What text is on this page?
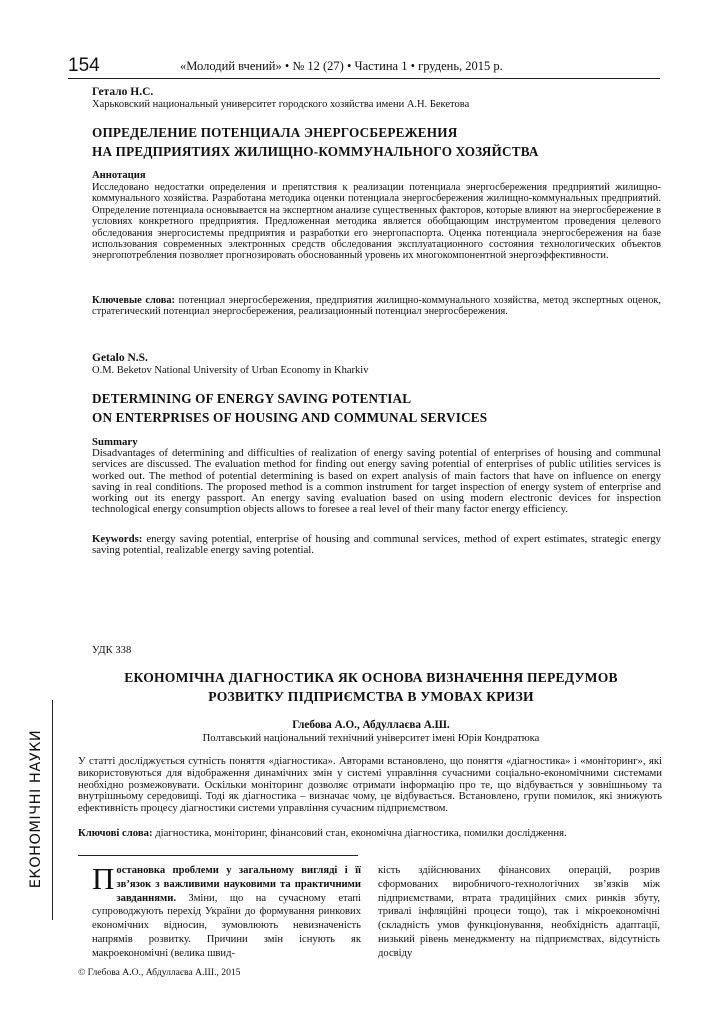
154	«Молодий вчений» • № 12 (27) • Частина 1 • грудень, 2015 р.
Гетало Н.С.
Харьковский национальный университет городского хозяйства имени А.Н. Бекетова
ОПРЕДЕЛЕНИЕ ПОТЕНЦИАЛА ЭНЕРГОСБЕРЕЖЕНИЯ
НА ПРЕДПРИЯТИЯХ ЖИЛИЩНО-КОММУНАЛЬНОГО ХОЗЯЙСТВА
Аннотация
Исследовано недостатки определения и препятствия к реализации потенциала энергосбережения предприятий жилищно-коммунального хозяйства. Разработана методика оценки потенциала энергосбережения жилищно-коммунальных предприятий. Определение потенциала основывается на экспертном анализе существенных факторов, которые влияют на энергосбережение в условиях конкретного предприятия. Предложенная методика является обобщающим инструментом проведения целевого обследования энергосистемы предприятия и разработки его энергопаспорта. Оценка потенциала энергосбережения на базе использования современных электронных средств обследования эксплуатационного состояния технологических объектов энергопотребления позволяет прогнозировать обоснованный уровень их многокомпонентной энергоэффективности.
Ключевые слова: потенциал энергосбережения, предприятия жилищно-коммунального хозяйства, метод экспертных оценок, стратегический потенциал энергосбережения, реализационный потенциал энергосбережения.
Getalo N.S.
O.M. Beketov National University of Urban Economy in Kharkiv
DETERMINING OF ENERGY SAVING POTENTIAL
ON ENTERPRISES OF HOUSING AND COMMUNAL SERVICES
Summary
Disadvantages of determining and difficulties of realization of energy saving potential of enterprises of housing and communal services are discussed. The evaluation method for finding out energy saving potential of enterprises of public utilities services is worked out. The method of potential determining is based on expert analysis of main factors that have on influence on energy saving in real conditions. The proposed method is a common instrument for target inspection of energy system of enterprise and working out its energy passport. An energy saving evaluation based on using modern electronic devices for inspection technological energy consumption objects allows to foresee a real level of their many factor energy efficiency.
Keywords: energy saving potential, enterprise of housing and communal services, method of expert estimates, strategic energy saving potential, realizable energy saving potential.
УДК 338
ЕКОНОМІЧНА ДІАГНОСТИКА ЯК ОСНОВА ВИЗНАЧЕННЯ ПЕРЕДУМОВ
РОЗВИТКУ ПІДПРИЄМСТВА В УМОВАХ КРИЗИ
Глебова А.О., Абдуллаєва А.Ш.
Полтавський національний технічний університет імені Юрія Кондратюка
У статті досліджується сутність поняття «діагностика». Авторами встановлено, що поняття «діагностика» і «моніторинг», які використовуються для відображення динамічних змін у системі управління сучасними соціально-економічними системами необхідно розмежовувати. Оскільки моніторинг дозволяє отримати інформацію про те, що відбувається у зовнішньому та внутрішньому середовищі. Тоді як діагностика – визначає чому, це відбувається. Встановлено, групи помилок, які знижують ефективність процесу діагностики системи управління сучасним підприємством.
Ключові слова: діагностика, моніторинг, фінансовий стан, економічна діагностика, помилки дослідження.
ЕКОНОМІЧНІ НАУКИ Постановка проблеми у загальному вигляді і її зв’язок з важливими науковими та практичними завданнями. Зміни, що на сучасному етапі супроводжують перехід України до формування ринкових економічних відносин, зумовлюють невизначеність напрямів розвитку. Причини змін існують як макроекономічні (велика швид-
кість здійснюваних фінансових операцій, розрив сформованих виробничого-технологічних зв’язків між підприємствами, втрата традиційних смих ринків збуту, тривалі інфляційні процеси тощо), так і мікроекономічні (складність умов функціонування, необхідність адаптації, низький рівень менеджменту на підприємствах, відсутність досвіду
© Глебова А.О., Абдуллаєва А.Ш., 2015
